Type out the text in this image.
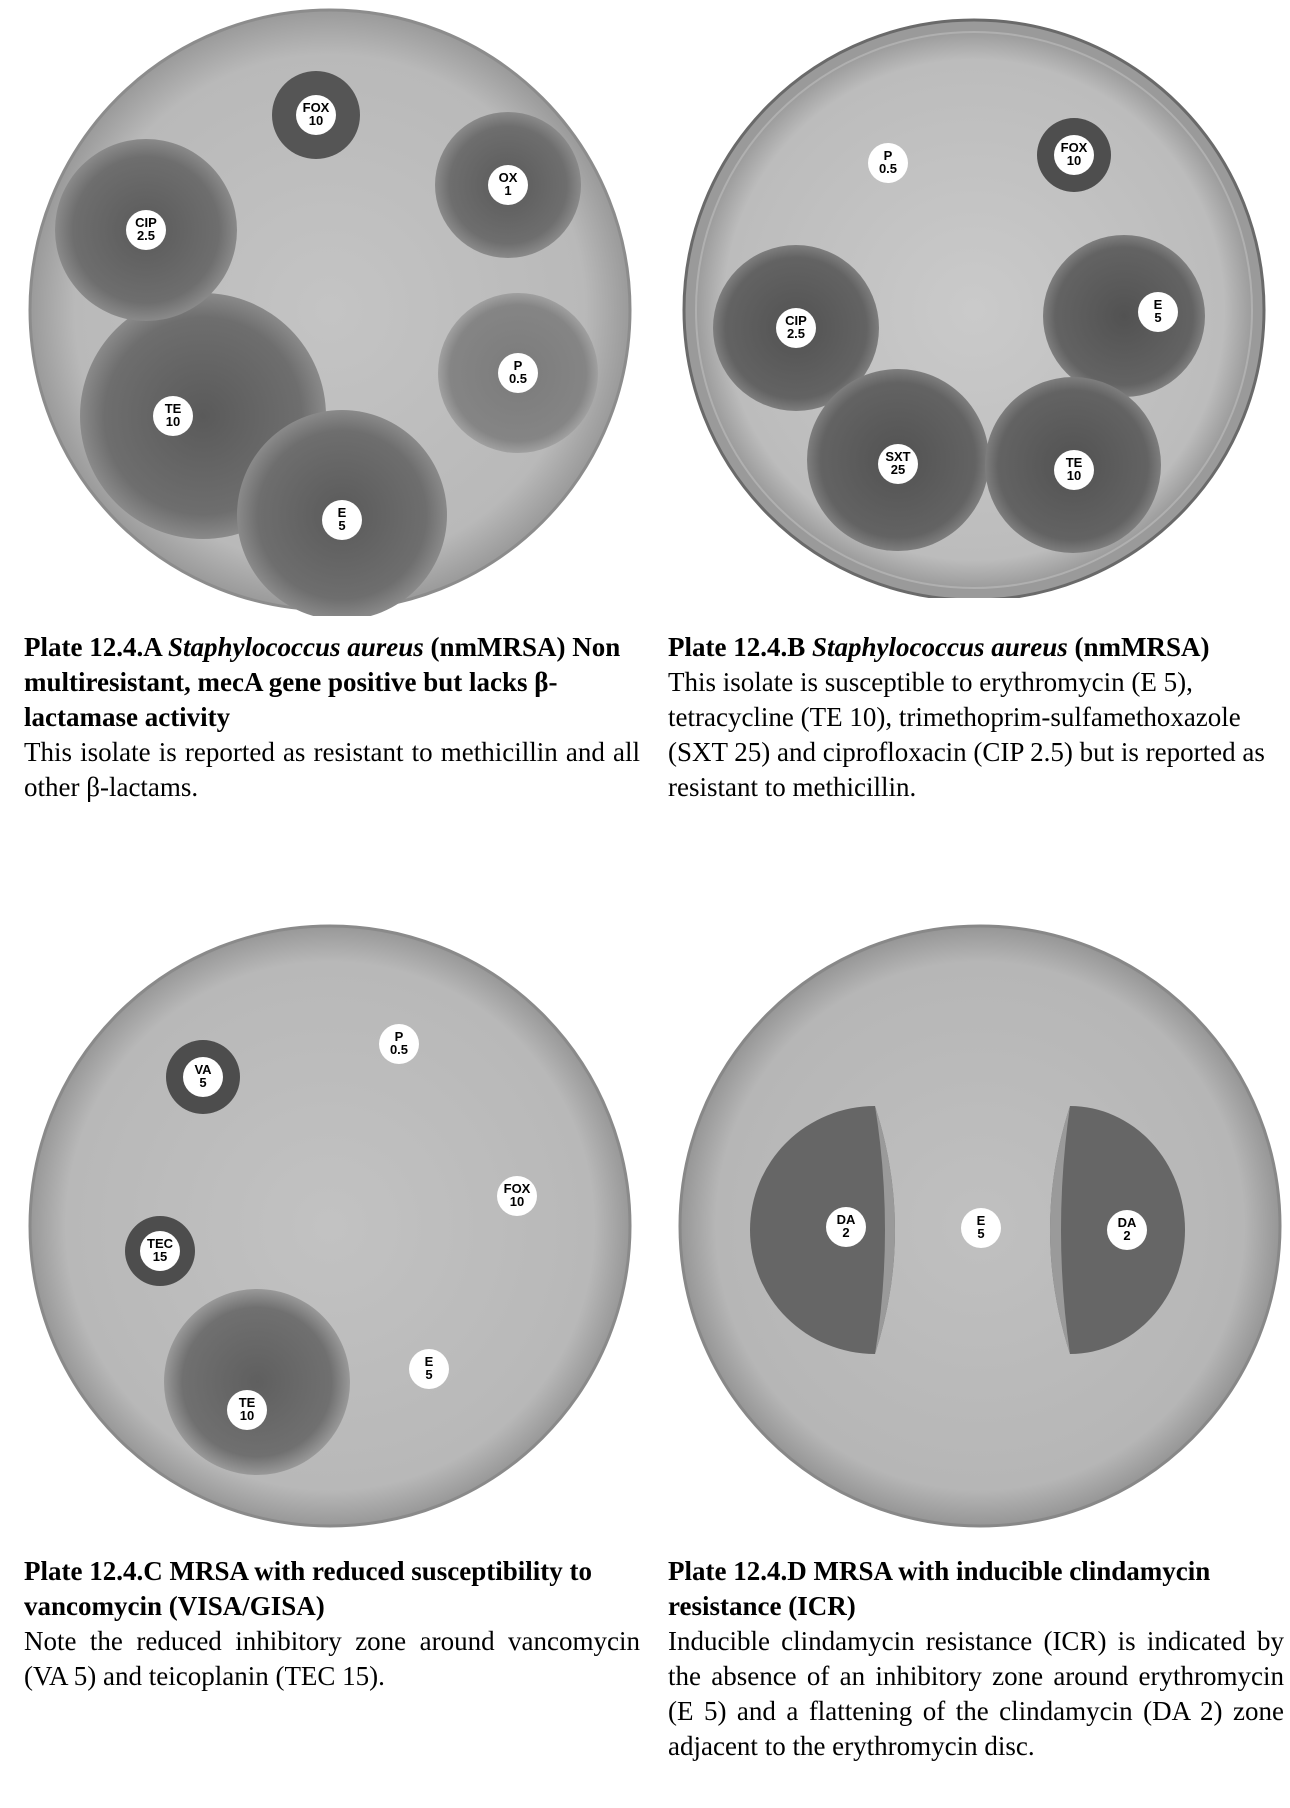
FOX
10
OX
1
CIP
2.5
P
0.5
TE
10
E
5
P
0.5
FOX
10
CIP
2.5
E
5
SXT
25	TE
10
Plate 12.4.A Staphylococcus aureus (nmMRSA) Non multiresistant, mecA gene positive but lacks β-lactamase activity
This isolate is reported as resistant to methicillin and all other β-lactams.
Plate 12.4.B Staphylococcus aureus (nmMRSA)
This isolate is susceptible to erythromycin (E 5), tetracycline (TE 10), trimethoprim-sulfamethoxazole (SXT 25) and ciprofloxacin (CIP 2.5) but is reported as resistant to methicillin.
VA
5
P
0.5
FOX
10
TEC
15
E
5
TE
10
DA
2
E
5
DA
2
Plate 12.4.C MRSA with reduced susceptibility to vancomycin (VISA/GISA)
Note the reduced inhibitory zone around vancomycin (VA 5) and teicoplanin (TEC 15).
Plate 12.4.D MRSA with inducible clindamycin resistance (ICR)
Inducible clindamycin resistance (ICR) is indicated by the absence of an inhibitory zone around erythromycin (E 5) and a flattening of the clindamycin (DA 2) zone adjacent to the erythromycin disc.
